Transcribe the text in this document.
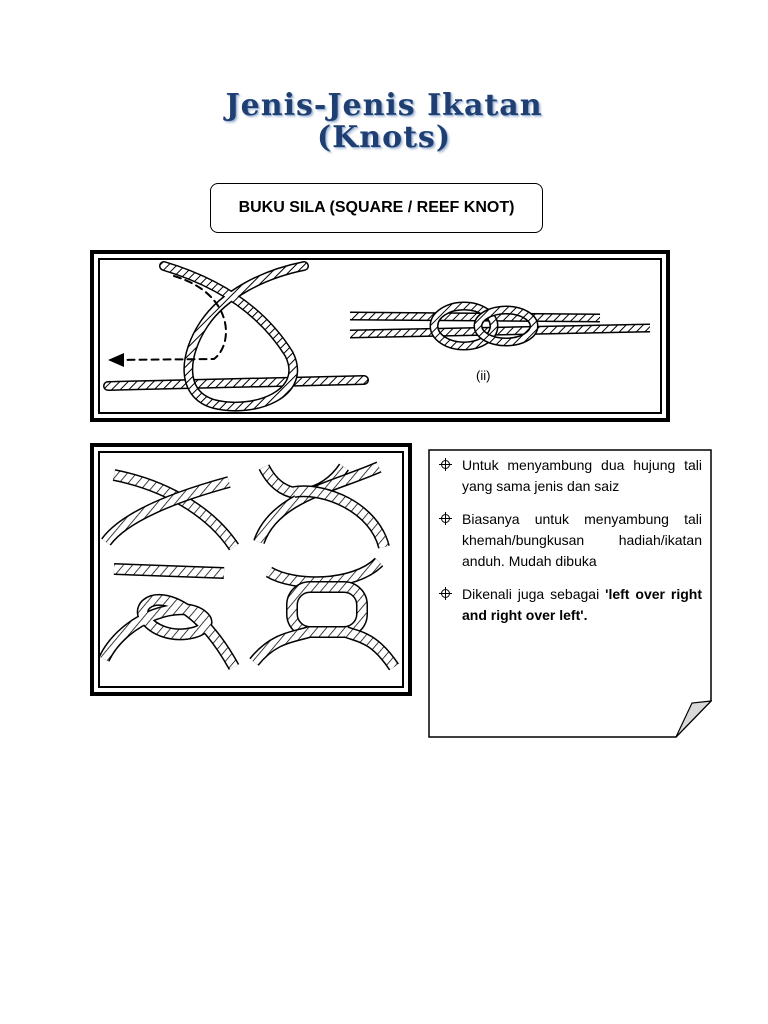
Jenis-Jenis Ikatan
(Knots)
BUKU SILA (SQUARE / REEF KNOT)
(ii)
Untuk menyambung dua hujung tali yang sama jenis dan saiz
Biasanya untuk menyambung tali khemah/bungkusan hadiah/ikatan anduh. Mudah dibuka
Dikenali juga sebagai 'left over right and right over left'.
